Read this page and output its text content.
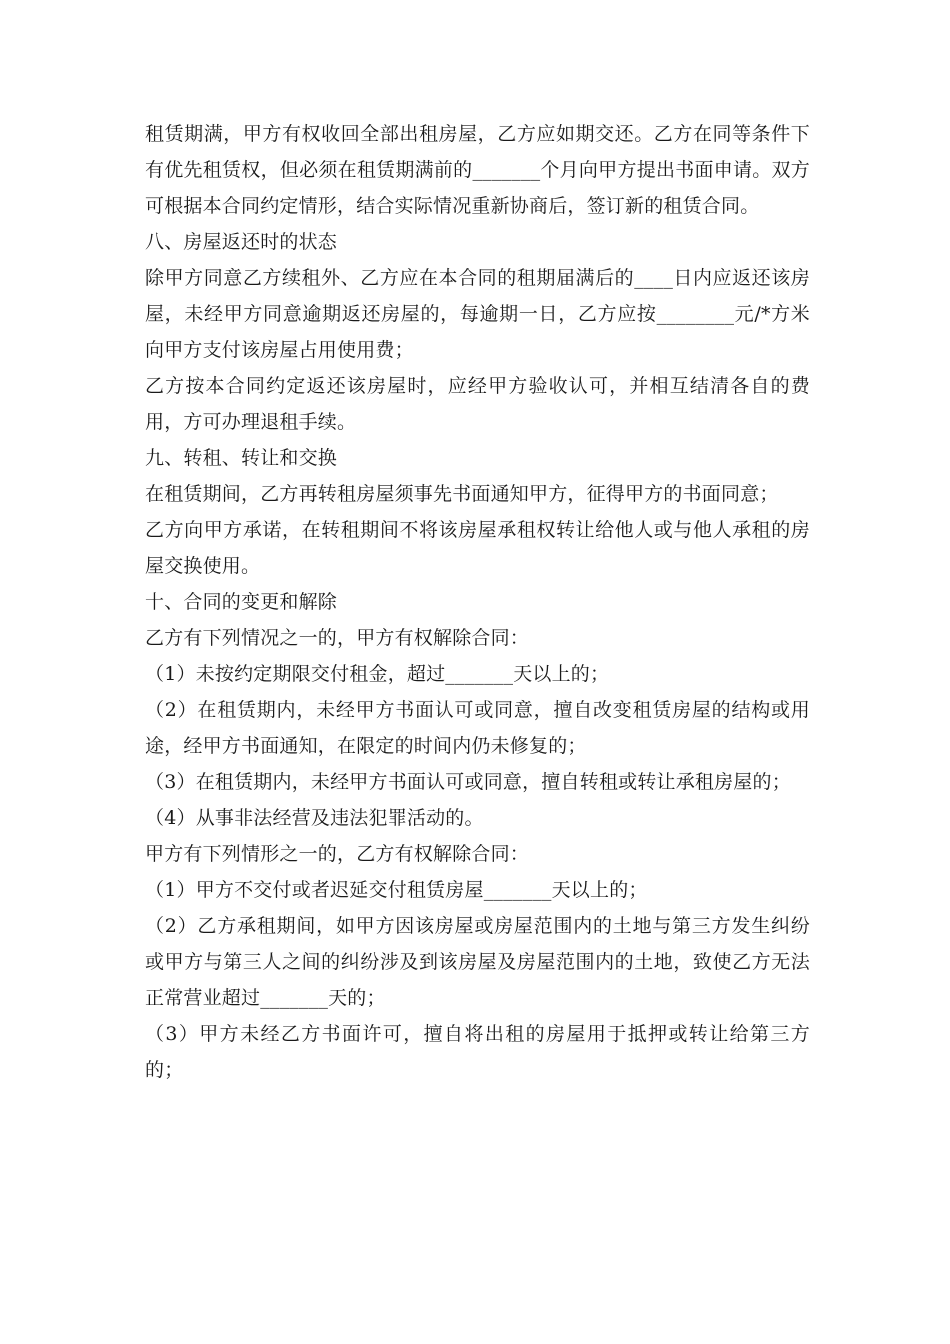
租赁期满，甲方有权收回全部出租房屋，乙方应如期交还。乙方在同等条件下有优先租赁权，但必须在租赁期满前的_______个月向甲方提出书面申请。双方可根据本合同约定情形，结合实际情况重新协商后，签订新的租赁合同。

八、房屋返还时的状态

除甲方同意乙方续租外、乙方应在本合同的租期届满后的____日内应返还该房屋，未经甲方同意逾期返还房屋的，每逾期一日，乙方应按________元/*方米向甲方支付该房屋占用使用费；

乙方按本合同约定返还该房屋时，应经甲方验收认可，并相互结清各自的费用，方可办理退租手续。

九、转租、转让和交换

在租赁期间，乙方再转租房屋须事先书面通知甲方，征得甲方的书面同意；

乙方向甲方承诺，在转租期间不将该房屋承租权转让给他人或与他人承租的房屋交换使用。

十、合同的变更和解除

乙方有下列情况之一的，甲方有权解除合同：

（1）未按约定期限交付租金，超过_______天以上的；

（2）在租赁期内，未经甲方书面认可或同意，擅自改变租赁房屋的结构或用途，经甲方书面通知，在限定的时间内仍未修复的；

（3）在租赁期内，未经甲方书面认可或同意，擅自转租或转让承租房屋的；

（4）从事非法经营及违法犯罪活动的。

甲方有下列情形之一的，乙方有权解除合同：

（1）甲方不交付或者迟延交付租赁房屋_______天以上的；

（2）乙方承租期间，如甲方因该房屋或房屋范围内的土地与第三方发生纠纷或甲方与第三人之间的纠纷涉及到该房屋及房屋范围内的土地，致使乙方无法正常营业超过_______天的；

（3）甲方未经乙方书面许可，擅自将出租的房屋用于抵押或转让给第三方的；
